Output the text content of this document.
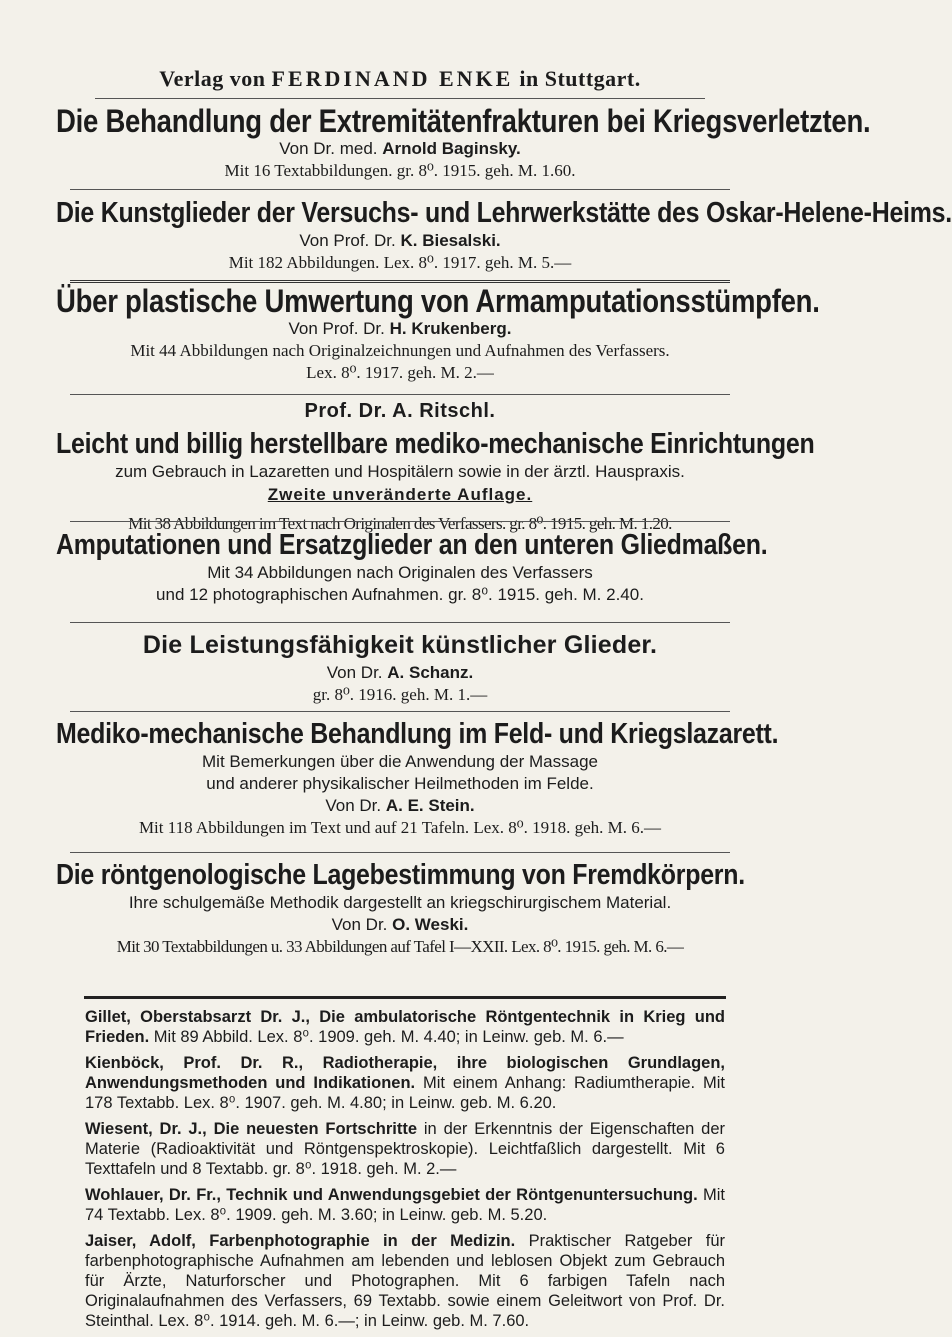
Verlag von FERDINAND ENKE in Stuttgart.
Die Behandlung der Extremitätenfrakturen bei Kriegsverletzten.
Von Dr. med. Arnold Baginsky.
Mit 16 Textabbildungen. gr. 8⁰. 1915. geh. M. 1.60.
Die Kunstglieder der Versuchs- und Lehrwerkstätte des Oskar-Helene-Heims.
Von Prof. Dr. K. Biesalski.
Mit 182 Abbildungen. Lex. 8⁰. 1917. geh. M. 5.—
Über plastische Umwertung von Armamputationsstümpfen.
Von Prof. Dr. H. Krukenberg.
Mit 44 Abbildungen nach Originalzeichnungen und Aufnahmen des Verfassers.
Lex. 8⁰. 1917. geh. M. 2.—
Prof. Dr. A. Ritschl.
Leicht und billig herstellbare mediko-mechanische Einrichtungen
zum Gebrauch in Lazaretten und Hospitälern sowie in der ärztl. Hauspraxis.
Zweite unveränderte Auflage.
Mit 38 Abbildungen im Text nach Originalen des Verfassers. gr. 8⁰. 1915. geh. M. 1.20.
Amputationen und Ersatzglieder an den unteren Gliedmaßen.
Mit 34 Abbildungen nach Originalen des Verfassers
und 12 photographischen Aufnahmen. gr. 8⁰. 1915. geh. M. 2.40.
Die Leistungsfähigkeit künstlicher Glieder.
Von Dr. A. Schanz.
gr. 8⁰. 1916. geh. M. 1.—
Mediko-mechanische Behandlung im Feld- und Kriegslazarett.
Mit Bemerkungen über die Anwendung der Massage
und anderer physikalischer Heilmethoden im Felde.
Von Dr. A. E. Stein.
Mit 118 Abbildungen im Text und auf 21 Tafeln. Lex. 8⁰. 1918. geh. M. 6.—
Die röntgenologische Lagebestimmung von Fremdkörpern.
Ihre schulgemäße Methodik dargestellt an kriegschirurgischem Material.
Von Dr. O. Weski.
Mit 30 Textabbildungen u. 33 Abbildungen auf Tafel I—XXII. Lex. 8⁰. 1915. geh. M. 6.—
Gillet, Oberstabsarzt Dr. J., Die ambulatorische Röntgentechnik in Krieg und Frieden. Mit 89 Abbild. Lex. 8⁰. 1909. geh. M. 4.40; in Leinw. geb. M. 6.—
Kienböck, Prof. Dr. R., Radiotherapie, ihre biologischen Grundlagen, Anwendungsmethoden und Indikationen. Mit einem Anhang: Radiumtherapie. Mit 178 Textabb. Lex. 8⁰. 1907. geh. M. 4.80; in Leinw. geb. M. 6.20.
Wiesent, Dr. J., Die neuesten Fortschritte in der Erkenntnis der Eigenschaften der Materie (Radioaktivität und Röntgenspektroskopie). Leichtfaßlich dargestellt. Mit 6 Texttafeln und 8 Textabb. gr. 8⁰. 1918. geh. M. 2.—
Wohlauer, Dr. Fr., Technik und Anwendungsgebiet der Röntgenuntersuchung. Mit 74 Textabb. Lex. 8⁰. 1909. geh. M. 3.60; in Leinw. geb. M. 5.20.
Jaiser, Adolf, Farbenphotographie in der Medizin. Praktischer Ratgeber für farbenphotographische Aufnahmen am lebenden und leblosen Objekt zum Gebrauch für Ärzte, Naturforscher und Photographen. Mit 6 farbigen Tafeln nach Originalaufnahmen des Verfassers, 69 Textabb. sowie einem Geleitwort von Prof. Dr. Steinthal. Lex. 8⁰. 1914. geh. M. 6.—; in Leinw. geb. M. 7.60.
